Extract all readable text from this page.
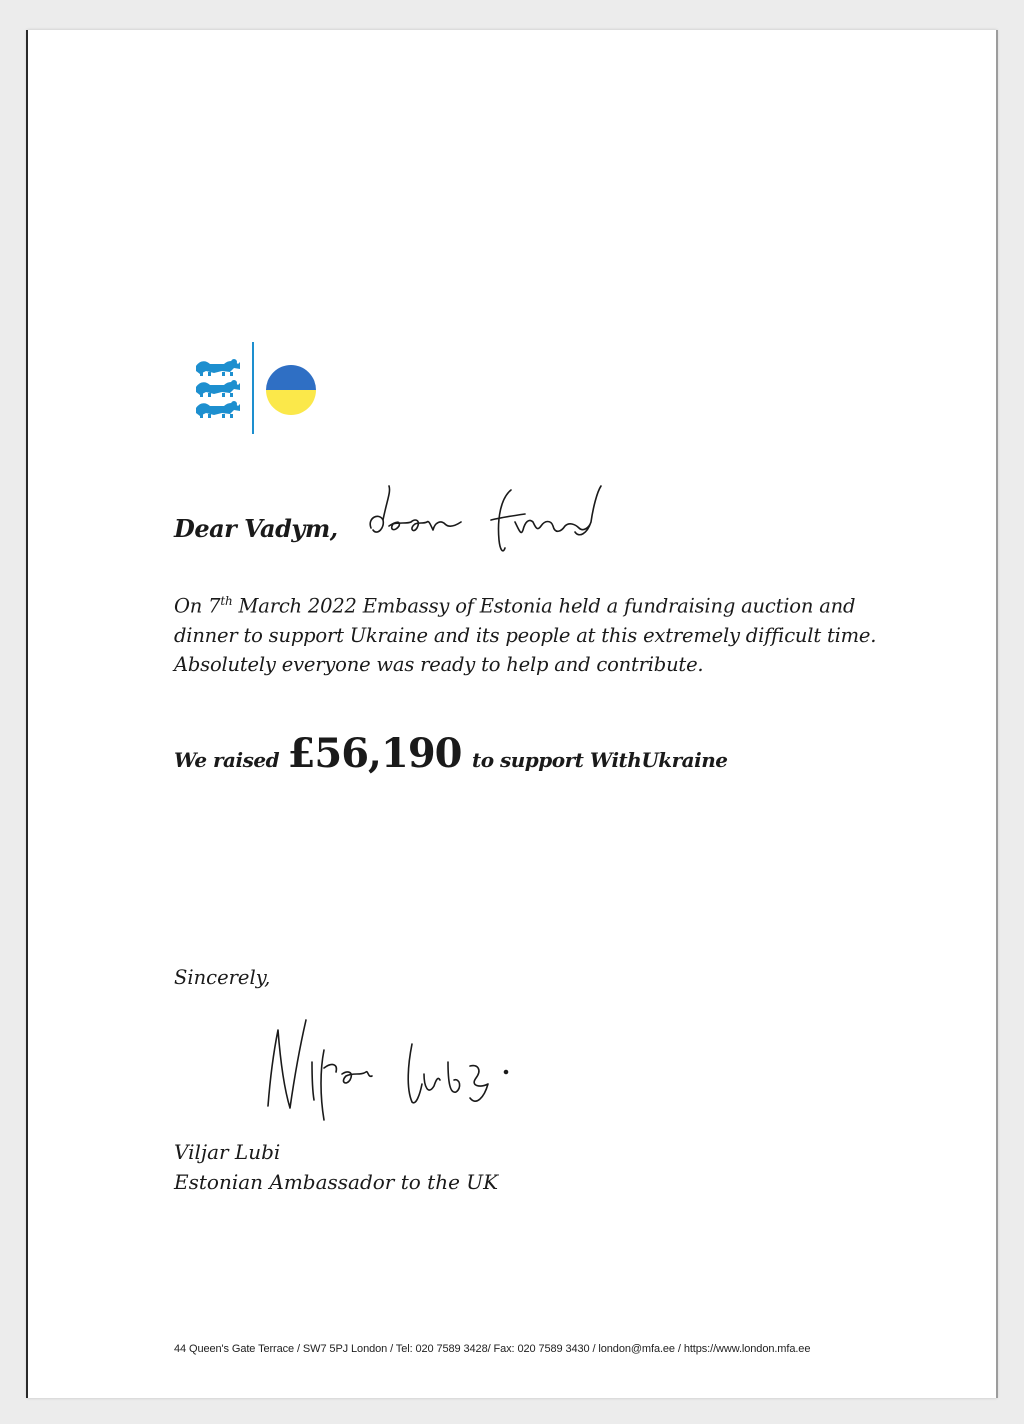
Dear Vadym,
On 7th March 2022 Embassy of Estonia held a fundraising auction and dinner to support Ukraine and its people at this extremely difficult time. Absolutely everyone was ready to help and contribute.
We raised £56,190 to support WithUkraine
Sincerely,
Viljar Lubi
Estonian Ambassador to the UK
44 Queen's Gate Terrace / SW7 5PJ London / Tel: 020 7589 3428/ Fax: 020 7589 3430 / london@mfa.ee / https://www.london.mfa.ee
